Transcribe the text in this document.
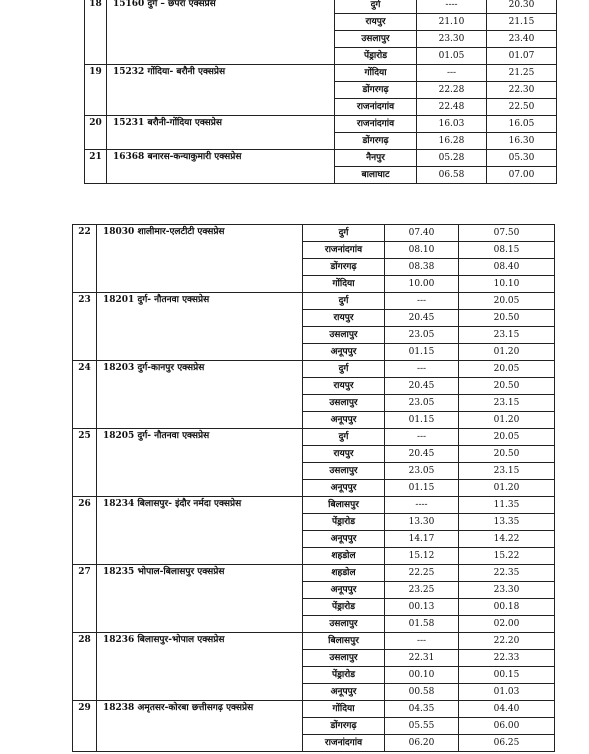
18	15160 दुर्ग – छपरा एक्सप्रेस	दुर्ग	----	20.30
		रायपुर	21.10	21.15
		उसलापुर	23.30	23.40
		पेंड्रारोड	01.05	01.07
19	15232 गोंदिया- बरौनी एक्सप्रेस	गोंदिया	---	21.25
		डोंगरगढ़	22.28	22.30
		राजनांदगांव	22.48	22.50
20	15231 बरौनी-गोंदिया एक्सप्रेस	राजनांदगांव	16.03	16.05
		डोंगरगढ़	16.28	16.30
21	16368 बनारस-कन्याकुमारी एक्सप्रेस	नैनपुर	05.28	05.30
		बालाघाट	06.58	07.00
22	18030 शालीमार-एलटीटी एक्सप्रेस	दुर्ग	07.40	07.50
		राजनांदगांव	08.10	08.15
		डोंगरगढ़	08.38	08.40
		गोंदिया	10.00	10.10
23	18201 दुर्ग- नौतनवा एक्सप्रेस	दुर्ग	---	20.05
		रायपुर	20.45	20.50
		उसलापुर	23.05	23.15
		अनूपपुर	01.15	01.20
24	18203 दुर्ग-कानपुर एक्सप्रेस	दुर्ग	---	20.05
		रायपुर	20.45	20.50
		उसलापुर	23.05	23.15
		अनूपपुर	01.15	01.20
25	18205 दुर्ग- नौतनवा एक्सप्रेस	दुर्ग	---	20.05
		रायपुर	20.45	20.50
		उसलापुर	23.05	23.15
		अनूपपुर	01.15	01.20
26	18234 बिलासपुर- इंदौर नर्मदा एक्सप्रेस	बिलासपुर	----	11.35
		पेंड्रारोड	13.30	13.35
		अनूपपुर	14.17	14.22
		शहडोल	15.12	15.22
27	18235 भोपाल-बिलासपुर एक्सप्रेस	शहडोल	22.25	22.35
		अनूपपुर	23.25	23.30
		पेंड्रारोड	00.13	00.18
		उसलापुर	01.58	02.00
28	18236 बिलासपुर-भोपाल एक्सप्रेस	बिलासपुर	---	22.20
		उसलापुर	22.31	22.33
		पेंड्रारोड	00.10	00.15
		अनूपपुर	00.58	01.03
29	18238 अमृतसर-कोरबा छत्तीसगढ़ एक्सप्रेस	गोंदिया	04.35	04.40
		डोंगरगढ़	05.55	06.00
		राजनांदगांव	06.20	06.25
